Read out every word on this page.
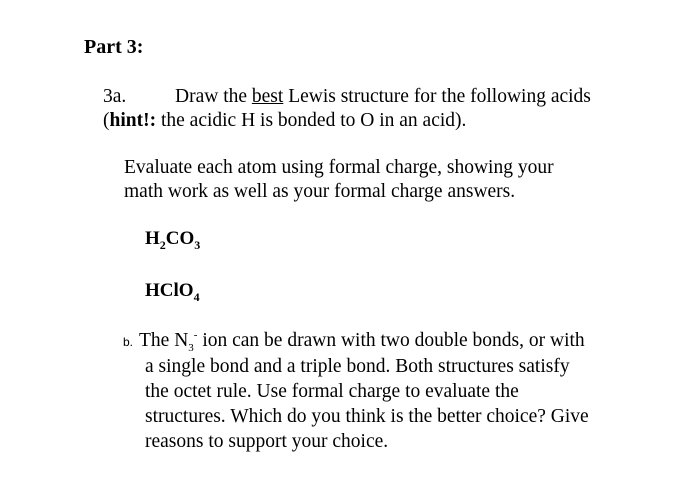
Part 3:
3a. Draw the best Lewis structure for the following acids
(hint!: the acidic H is bonded to O in an acid).
Evaluate each atom using formal charge, showing your
math work as well as your formal charge answers.
$H_2CO_3$
HClO$_4$
b. The $N_3^-$ ion can be drawn with two double bonds, or with
a single bond and a triple bond. Both structures satisfy
the octet rule. Use formal charge to evaluate the
structures. Which do you think is the better choice? Give
reasons to support your choice.
